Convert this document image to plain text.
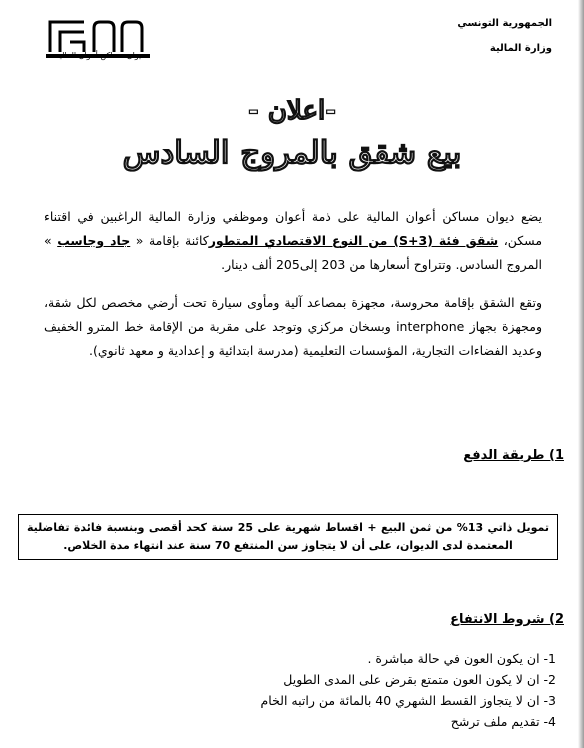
الجمهورية التونسي
وزارة المالية
ديوان مساكن أعوان المالية
-اعلان -
بيع شقق بالمروج السادس
يضع ديوان مساكن أعوان المالية على ذمة أعوان وموظفي وزارة المالية الراغبين في اقتناء مسكن، شقق فئة (S+3) من النوع الاقتصادي المتطوركائنة بإقامة « جاد وجاسب » المروج السادس. وتتراوح أسعارها من 203 إلى205 ألف دينار.
وتقع الشقق بإقامة محروسة، مجهزة بمصاعد آلية ومأوى سيارة تحت أرضي مخصص لكل شقة، ومجهزة بجهاز interphone وبسخان مركزي وتوجد على مقربة من الإقامة خط المترو الخفيف وعديد الفضاءات التجارية، المؤسسات التعليمية (مدرسة ابتدائية و إعدادية و معهد ثانوي).
1) طريقة الدفع
تمويل ذاتي 13% من ثمن البيع + اقساط شهرية على 25 سنة كحد أقصى وبنسبة فائدة تفاضلية المعتمدة لدى الديوان، على أن لا يتجاوز سن المنتفع 70 سنة عند انتهاء مدة الخلاص.
2) شروط الانتفاع
1- ان يكون العون في حالة مباشرة .
2- ان لا يكون العون متمتع بقرض على المدى الطويل
3- ان لا يتجاوز القسط الشهري 40 بالمائة من راتبه الخام
4- تقديم ملف ترشح
